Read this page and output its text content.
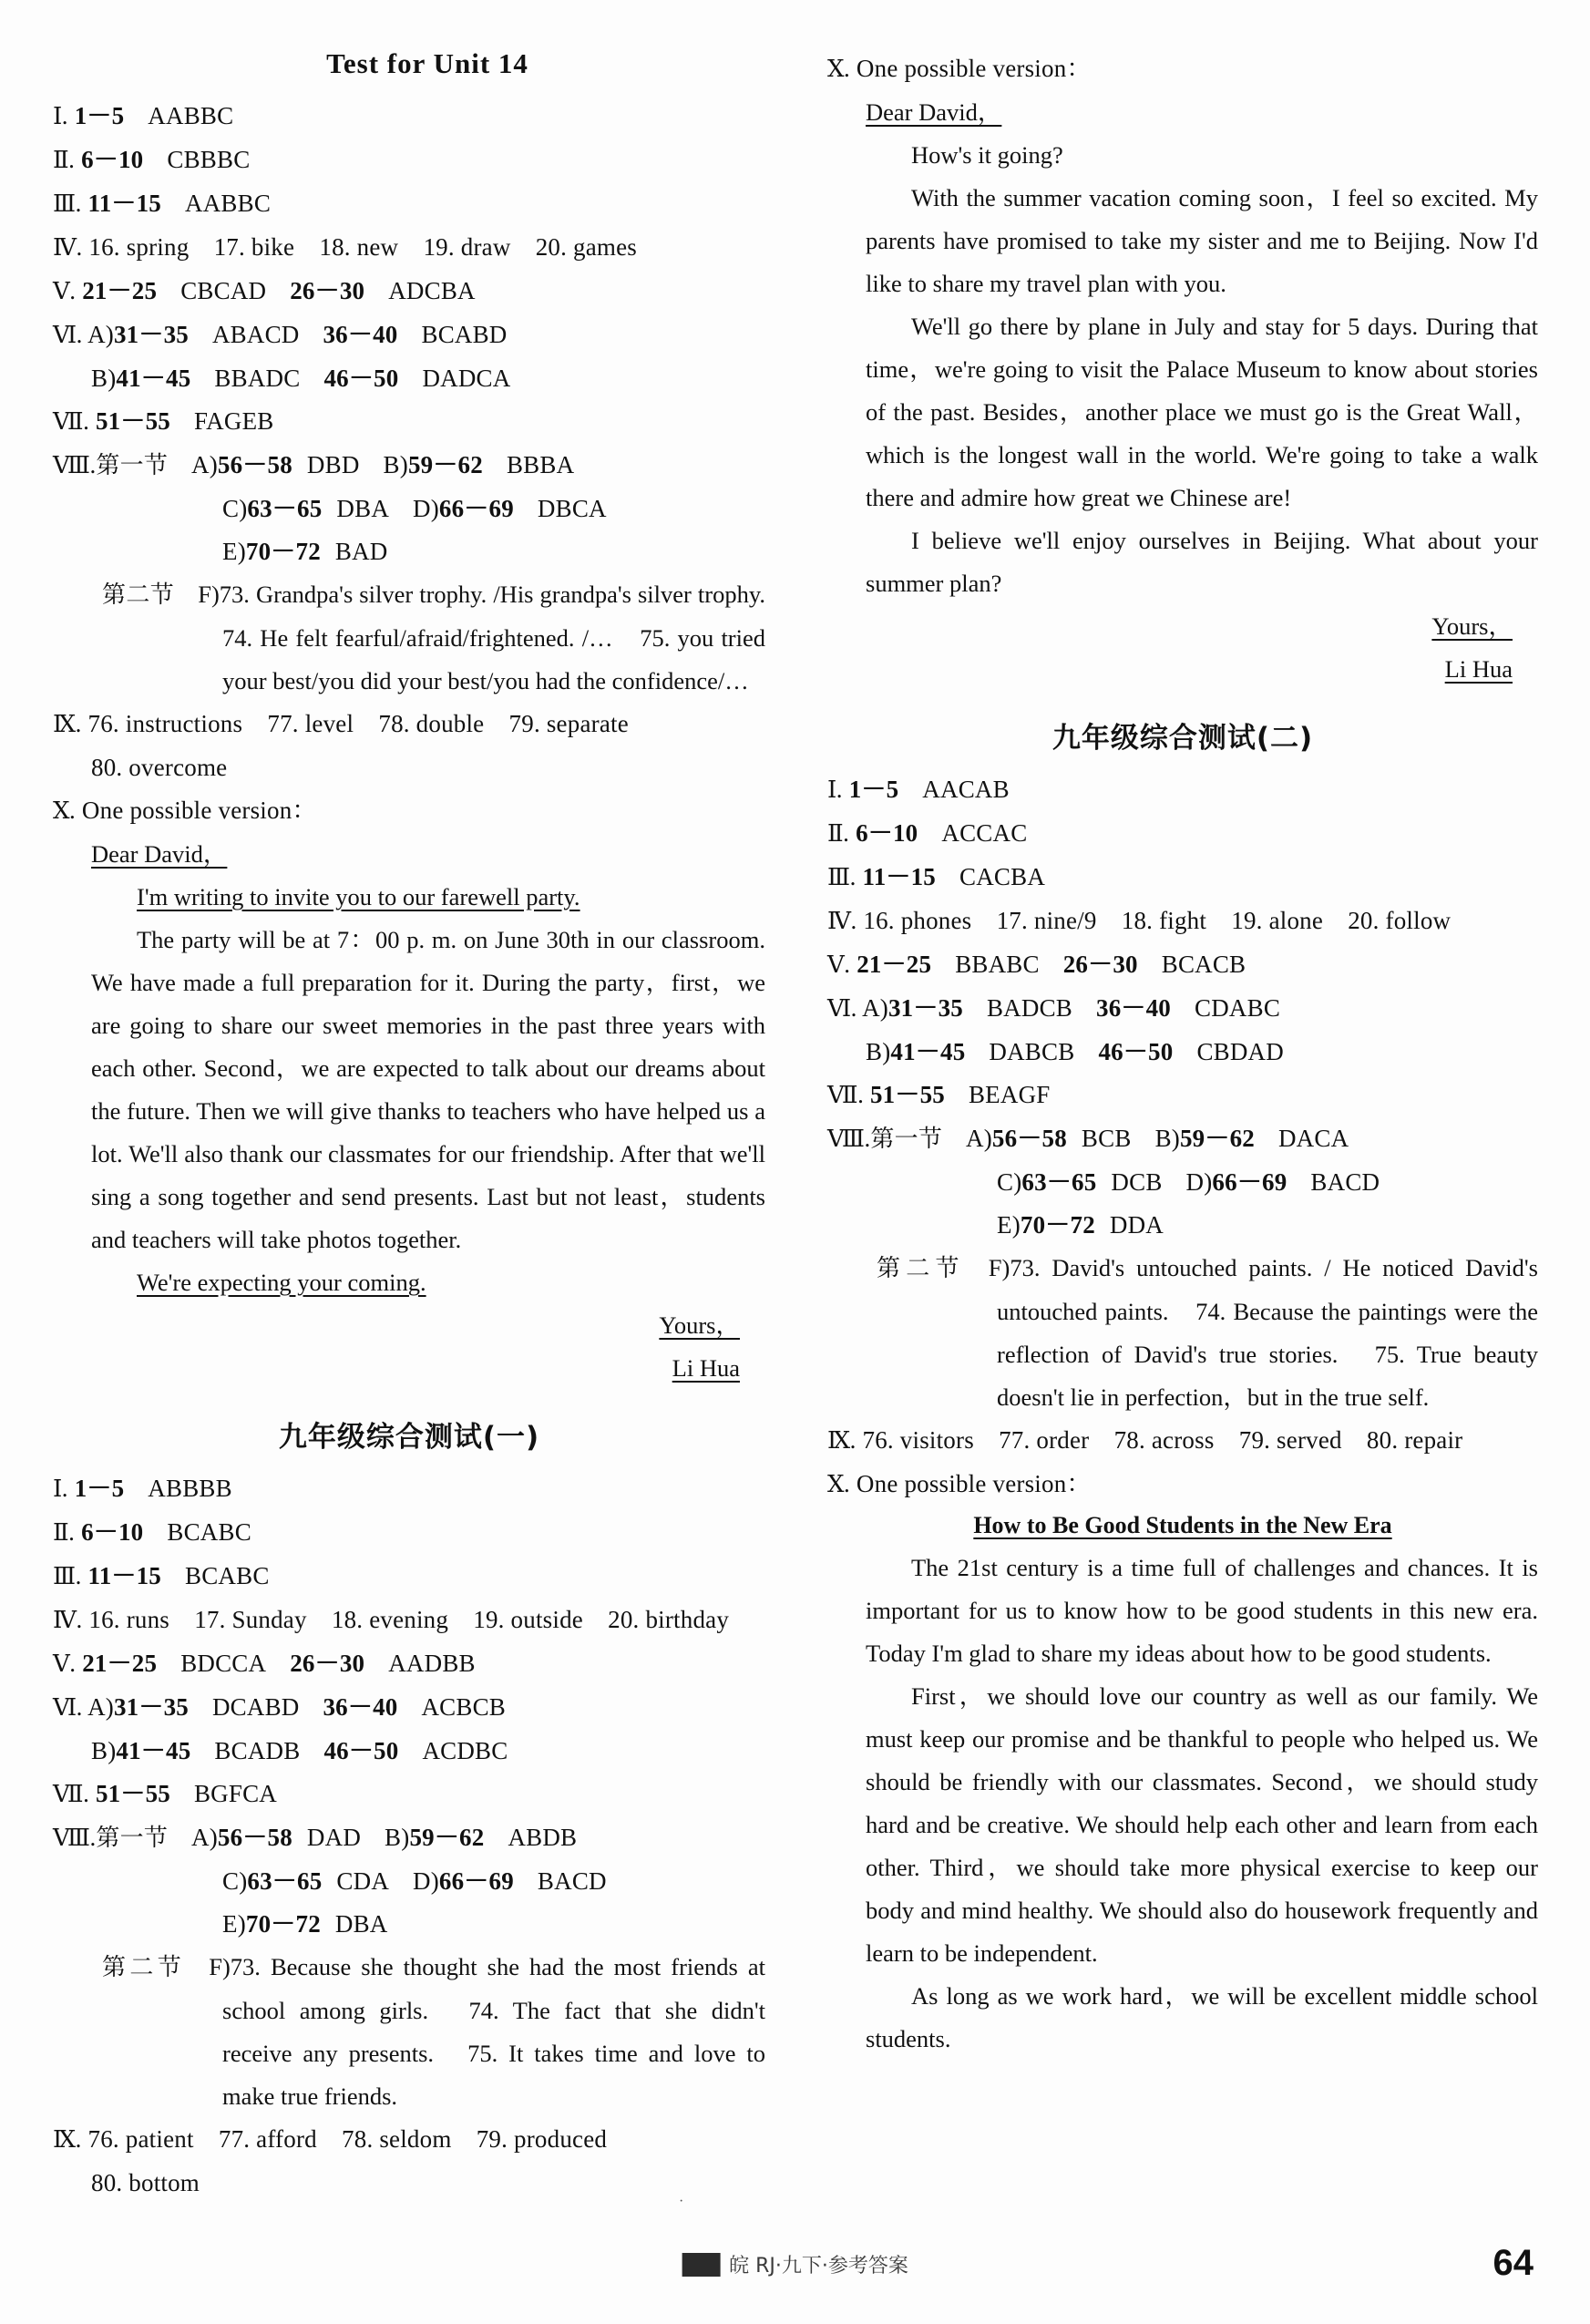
Test for Unit 14
Ⅰ. 1－5 AABBC
Ⅱ. 6－10 CBBBC
Ⅲ. 11－15 AABBC
Ⅳ. 16. spring　17. bike　18. new　19. draw　20. games
Ⅴ. 21－25 CBCAD 26－30 ADCBA
Ⅵ. A)31－35 ABACD 36－40 BCABD
B)41－45 BBADC 46－50 DADCA
Ⅶ. 51－55 FAGEB
Ⅷ.第一节 A)56－58 DBD B)59－62 BBBA
C)63－65 DBA D)66－69 DBCA
E)70－72 BAD
第二节 F)73. Grandpa's silver trophy. /His grandpa's silver trophy.　74. He felt fearful/afraid/frightened. /…　75. you tried your best/you did your best/you had the confidence/…
Ⅸ. 76. instructions　77. level　78. double　79. separate
80. overcome
Ⅹ. One possible version：
Dear David，
I'm writing to invite you to our farewell party.
The party will be at 7：00 p. m. on June 30th in our classroom. We have made a full preparation for it. During the party，first，we are going to share our sweet memories in the past three years with each other. Second，we are expected to talk about our dreams about the future. Then we will give thanks to teachers who have helped us a lot. We'll also thank our classmates for our friendship. After that we'll sing a song together and send presents. Last but not least，students and teachers will take photos together.
We're expecting your coming.
Yours，
Li Hua
九年级综合测试(一)
Ⅰ. 1－5 ABBBB
Ⅱ. 6－10 BCABC
Ⅲ. 11－15 BCABC
Ⅳ. 16. runs　17. Sunday　18. evening　19. outside　20. birthday
Ⅴ. 21－25 BDCCA 26－30 AADBB
Ⅵ. A)31－35 DCABD 36－40 ACBCB
B)41－45 BCADB 46－50 ACDBC
Ⅶ. 51－55 BGFCA
Ⅷ.第一节 A)56－58 DAD B)59－62 ABDB
C)63－65 CDA D)66－69 BACD
E)70－72 DBA
第二节 F)73. Because she thought she had the most friends at school among girls.　74. The fact that she didn't receive any presents.　75. It takes time and love to make true friends.
Ⅸ. 76. patient　77. afford　78. seldom　79. produced
80. bottom
Ⅹ. One possible version：
Dear David，
How's it going?
With the summer vacation coming soon，I feel so excited. My parents have promised to take my sister and me to Beijing. Now I'd like to share my travel plan with you.
We'll go there by plane in July and stay for 5 days. During that time，we're going to visit the Palace Museum to know about stories of the past. Besides，another place we must go is the Great Wall，which is the longest wall in the world. We're going to take a walk there and admire how great we Chinese are!
I believe we'll enjoy ourselves in Beijing. What about your summer plan?
Yours，
Li Hua
九年级综合测试(二)
Ⅰ. 1－5 AACAB
Ⅱ. 6－10 ACCAC
Ⅲ. 11－15 CACBA
Ⅳ. 16. phones　17. nine/9　18. fight　19. alone　20. follow
Ⅴ. 21－25 BBABC 26－30 BCACB
Ⅵ. A)31－35 BADCB 36－40 CDABC
B)41－45 DABCB 46－50 CBDAD
Ⅶ. 51－55 BEAGF
Ⅷ.第一节 A)56－58 BCB B)59－62 DACA
C)63－65 DCB D)66－69 BACD
E)70－72 DDA
第二节 F)73. David's untouched paints. / He noticed David's untouched paints.　74. Because the paintings were the reflection of David's true stories.　75. True beauty doesn't lie in perfection，but in the true self.
Ⅸ. 76. visitors　77. order　78. across　79. served　80. repair
Ⅹ. One possible version：
How to Be Good Students in the New Era
The 21st century is a time full of challenges and chances. It is important for us to know how to be good students in this new era. Today I'm glad to share my ideas about how to be good students.
First，we should love our country as well as our family. We must keep our promise and be thankful to people who helped us. We should be friendly with our classmates. Second，we should study hard and be creative. We should help each other and learn from each other. Third，we should take more physical exercise to keep our body and mind healthy. We should also do housework frequently and learn to be independent.
As long as we work hard，we will be excellent middle school students.
·
皖 RJ·九下·参考答案	64
